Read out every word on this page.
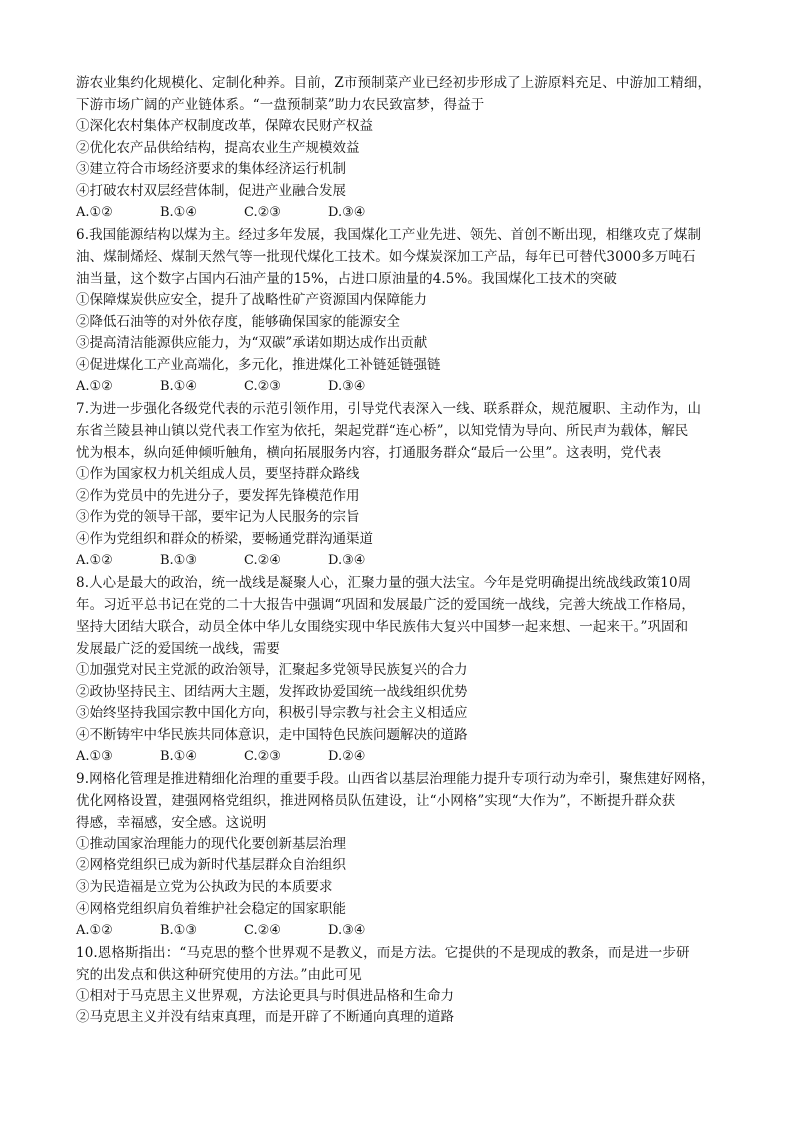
游农业集约化规模化、定制化种养。目前，Z市预制菜产业已经初步形成了上游原料充足、中游加工精细，
下游市场广阔的产业链体系。“一盘预制菜”助力农民致富梦，得益于

①深化农村集体产权制度改革，保障农民财产权益

②优化农产品供给结构，提高农业生产规模效益

③建立符合市场经济要求的集体经济运行机制

④打破农村双层经营体制，促进产业融合发展

A.①②	B.①④	C.②③	D.③④

6.我国能源结构以煤为主。经过多年发展，我国煤化工产业先进、领先、首创不断出现，相继攻克了煤制
油、煤制烯烃、煤制天然气等一批现代煤化工技术。如今煤炭深加工产品，每年已可替代3000多万吨石
油当量，这个数字占国内石油产量的15%，占进口原油量的4.5%。我国煤化工技术的突破

①保障煤炭供应安全，提升了战略性矿产资源国内保障能力

②降低石油等的对外依存度，能够确保国家的能源安全

③提高清洁能源供应能力，为“双碳”承诺如期达成作出贡献

④促进煤化工产业高端化，多元化，推进煤化工补链延链强链

A.①②	B.①④	C.②③	D.③④

7.为进一步强化各级党代表的示范引领作用，引导党代表深入一线、联系群众，规范履职、主动作为，山
东省兰陵县神山镇以党代表工作室为依托，架起党群“连心桥”，以知党情为导向、所民声为载体，解民
忧为根本，纵向延伸倾听触角，横向拓展服务内容，打通服务群众“最后一公里”。这表明，党代表

①作为国家权力机关组成人员，要坚持群众路线

②作为党员中的先进分子，要发挥先锋模范作用

③作为党的领导干部，要牢记为人民服务的宗旨

④作为党组织和群众的桥梁，要畅通党群沟通渠道

A.①②	B.①③	C.②④	D.③④

8.人心是最大的政治，统一战线是凝聚人心，汇聚力量的强大法宝。今年是党明确提出统战线政策10周
年。习近平总书记在党的二十大报告中强调“巩固和发展最广泛的爱国统一战线，完善大统战工作格局，
坚持大团结大联合，动员全体中华儿女围绕实现中华民族伟大复兴中国梦一起来想、一起来干。”巩固和
发展最广泛的爱国统一战线，需要

①加强党对民主党派的政治领导，汇聚起多党领导民族复兴的合力

②政协坚持民主、团结两大主题，发挥政协爱国统一战线组织优势

③始终坚持我国宗教中国化方向，积极引导宗教与社会主义相适应

④不断铸牢中华民族共同体意识，走中国特色民族问题解决的道路

A.①③	B.①④	C.②③	D.②④

9.网格化管理是推进精细化治理的重要手段。山西省以基层治理能力提升专项行动为牵引，聚焦建好网格，
优化网格设置，建强网格党组织，推进网格员队伍建设，让“小网格”实现“大作为”，不断提升群众获
得感，幸福感，安全感。这说明

①推动国家治理能力的现代化要创新基层治理

②网格党组织已成为新时代基层群众自治组织

③为民造福是立党为公执政为民的本质要求

④网格党组织肩负着维护社会稳定的国家职能

A.①②	B.①③	C.②④	D.③④

10.恩格斯指出：“马克思的整个世界观不是教义，而是方法。它提供的不是现成的教条，而是进一步研
究的出发点和供这种研究使用的方法。”由此可见

①相对于马克思主义世界观，方法论更具与时俱进品格和生命力

②马克思主义并没有结束真理，而是开辟了不断通向真理的道路
